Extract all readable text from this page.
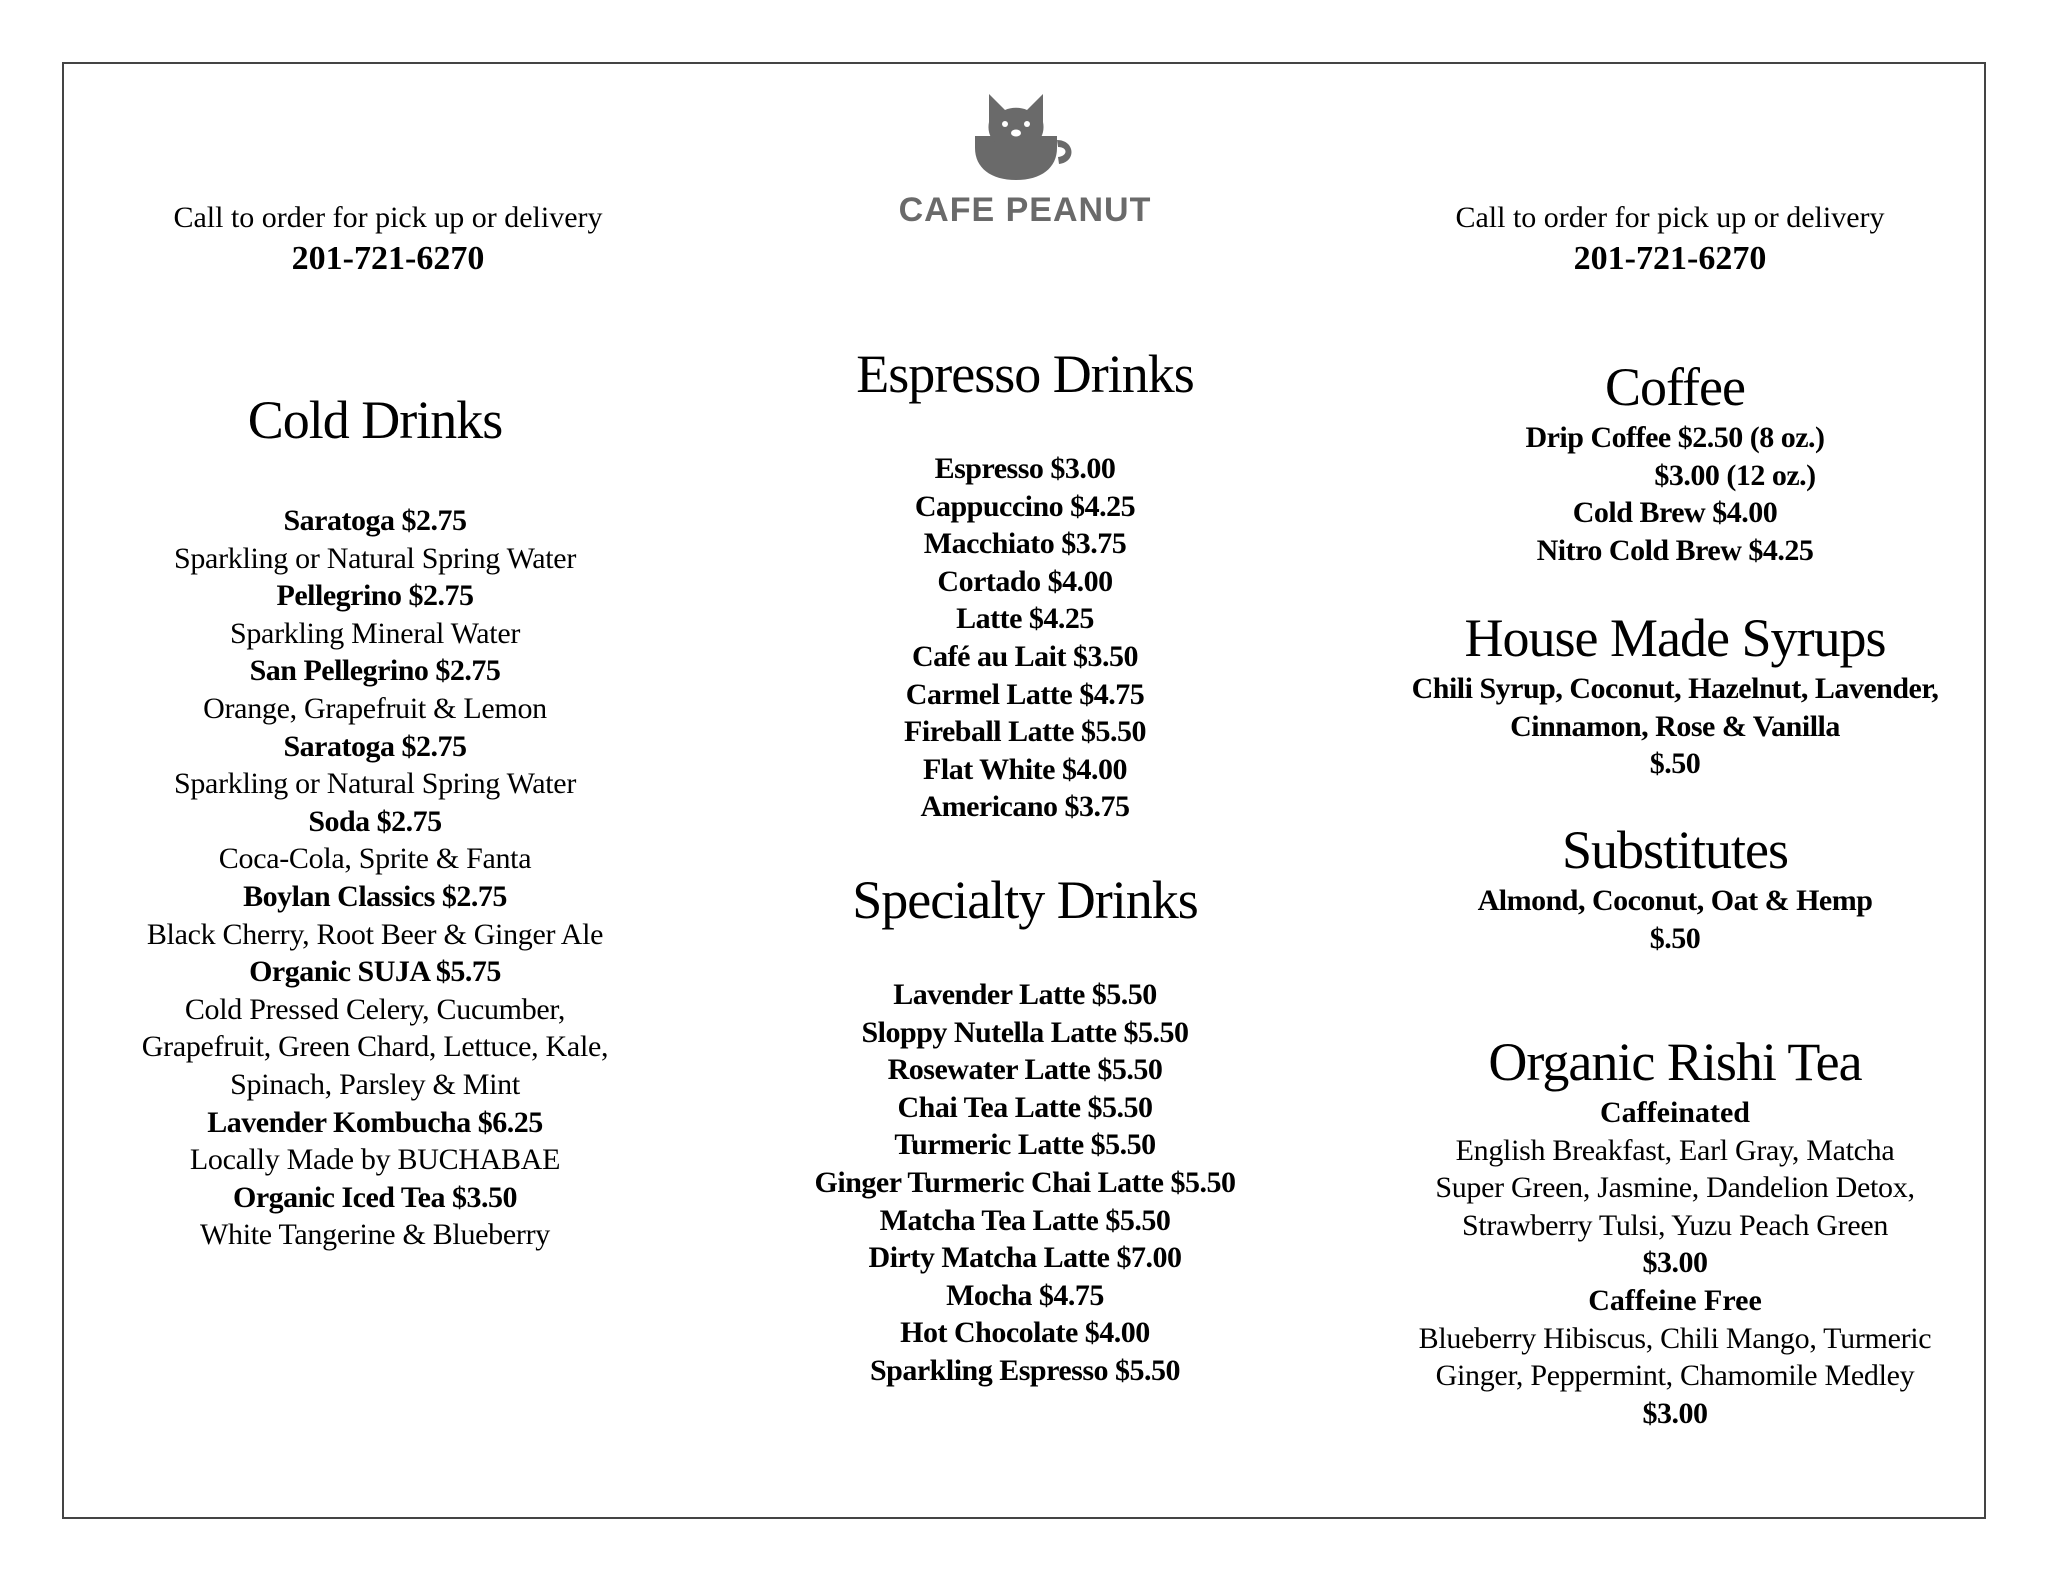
CAFE PEANUT
Call to order for pick up or delivery
201-721-6270
Call to order for pick up or delivery
201-721-6270
Cold Drinks
Saratoga $2.75
Sparkling or Natural Spring Water
Pellegrino $2.75
Sparkling Mineral Water
San Pellegrino $2.75
Orange, Grapefruit & Lemon
Saratoga $2.75
Sparkling or Natural Spring Water
Soda $2.75
Coca-Cola, Sprite & Fanta
Boylan Classics $2.75
Black Cherry, Root Beer & Ginger Ale
Organic SUJA $5.75
Cold Pressed Celery, Cucumber,
Grapefruit, Green Chard, Lettuce, Kale,
Spinach, Parsley & Mint
Lavender Kombucha $6.25
Locally Made by BUCHABAE
Organic Iced Tea $3.50
White Tangerine & Blueberry
Espresso Drinks
Espresso $3.00
Cappuccino $4.25
Macchiato $3.75
Cortado $4.00
Latte $4.25
Café au Lait $3.50
Carmel Latte $4.75
Fireball Latte $5.50
Flat White $4.00
Americano $3.75
Specialty Drinks
Lavender Latte $5.50
Sloppy Nutella Latte $5.50
Rosewater Latte $5.50
Chai Tea Latte $5.50
Turmeric Latte $5.50
Ginger Turmeric Chai Latte $5.50
Matcha Tea Latte $5.50
Dirty Matcha Latte $7.00
Mocha $4.75
Hot Chocolate $4.00
Sparkling Espresso $5.50
Coffee
Drip Coffee $2.50 (8 oz.)
$3.00 (12 oz.)
Cold Brew $4.00
Nitro Cold Brew $4.25
House Made Syrups
Chili Syrup, Coconut, Hazelnut, Lavender,
Cinnamon, Rose & Vanilla
$.50
Substitutes
Almond, Coconut, Oat & Hemp
$.50
Organic Rishi Tea
Caffeinated
English Breakfast, Earl Gray, Matcha
Super Green, Jasmine, Dandelion Detox,
Strawberry Tulsi, Yuzu Peach Green
$3.00
Caffeine Free
Blueberry Hibiscus, Chili Mango, Turmeric
Ginger, Peppermint, Chamomile Medley
$3.00
